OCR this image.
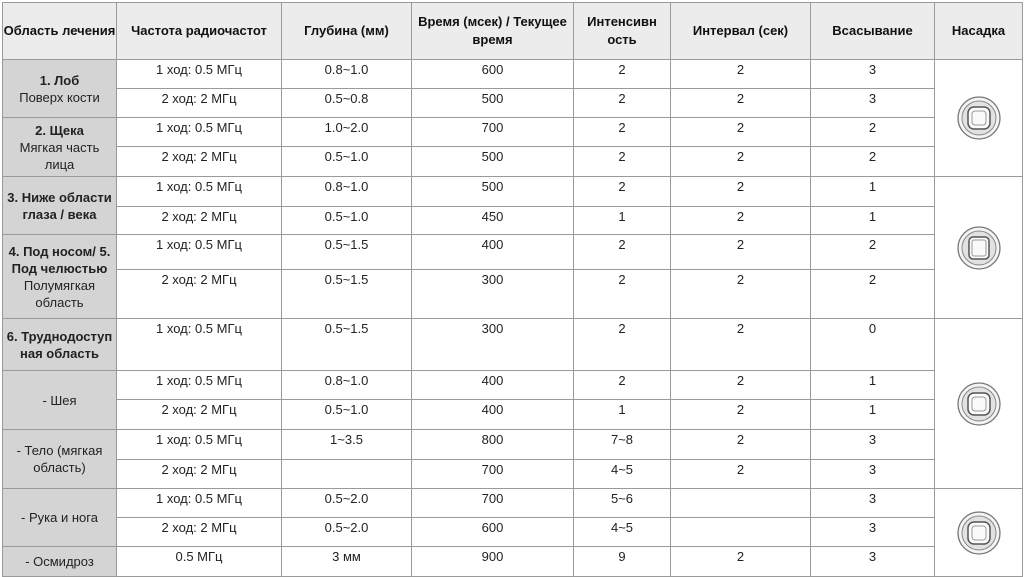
Область лечения	Частота радиочастот	Глубина (мм)	Время (мсек) / Текущее время	Интенсивн ость	Интервал (сек)	Всасывание	Насадка

1. Лоб
Поверх кости	1 ход: 0.5 МГц	0.8~1.0	600	2	2	3	

	2 ход: 2 МГц	0.5~0.8	500	2	2	3	

2. Щека
Мягкая часть лица	1 ход: 0.5 МГц	1.0~2.0	700	2	2	2	
	2 ход: 2 МГц	0.5~1.0	500	2	2	2	

3. Ниже области глаза / века	1 ход: 0.5 МГц	0.8~1.0	500	2	2	1	

	2 ход: 2 МГц	0.5~1.0	450	1	2	1	

4. Под носом/ 5. Под челюстью
Полумягкая область	1 ход: 0.5 МГц	0.5~1.5	400	2	2	2	
	2 ход: 2 МГц	0.5~1.5	300	2	2	2	

6. Труднодоступ ная область	1 ход: 0.5 МГц	0.5~1.5	300	2	2	0	

- Шея	1 ход: 0.5 МГц	0.8~1.0	400	2	2	1	
	2 ход: 2 МГц	0.5~1.0	400	1	2	1	

- Тело (мягкая область)	1 ход: 0.5 МГц	1~3.5	800	7~8	2	3	
	2 ход: 2 МГц		700	4~5	2	3	

- Рука и нога	1 ход: 0.5 МГц	0.5~2.0	700	5~6		3	

	2 ход: 2 МГц	0.5~2.0	600	4~5		3	

- Осмидроз	0.5 МГц	3 мм	900	9	2	3	
